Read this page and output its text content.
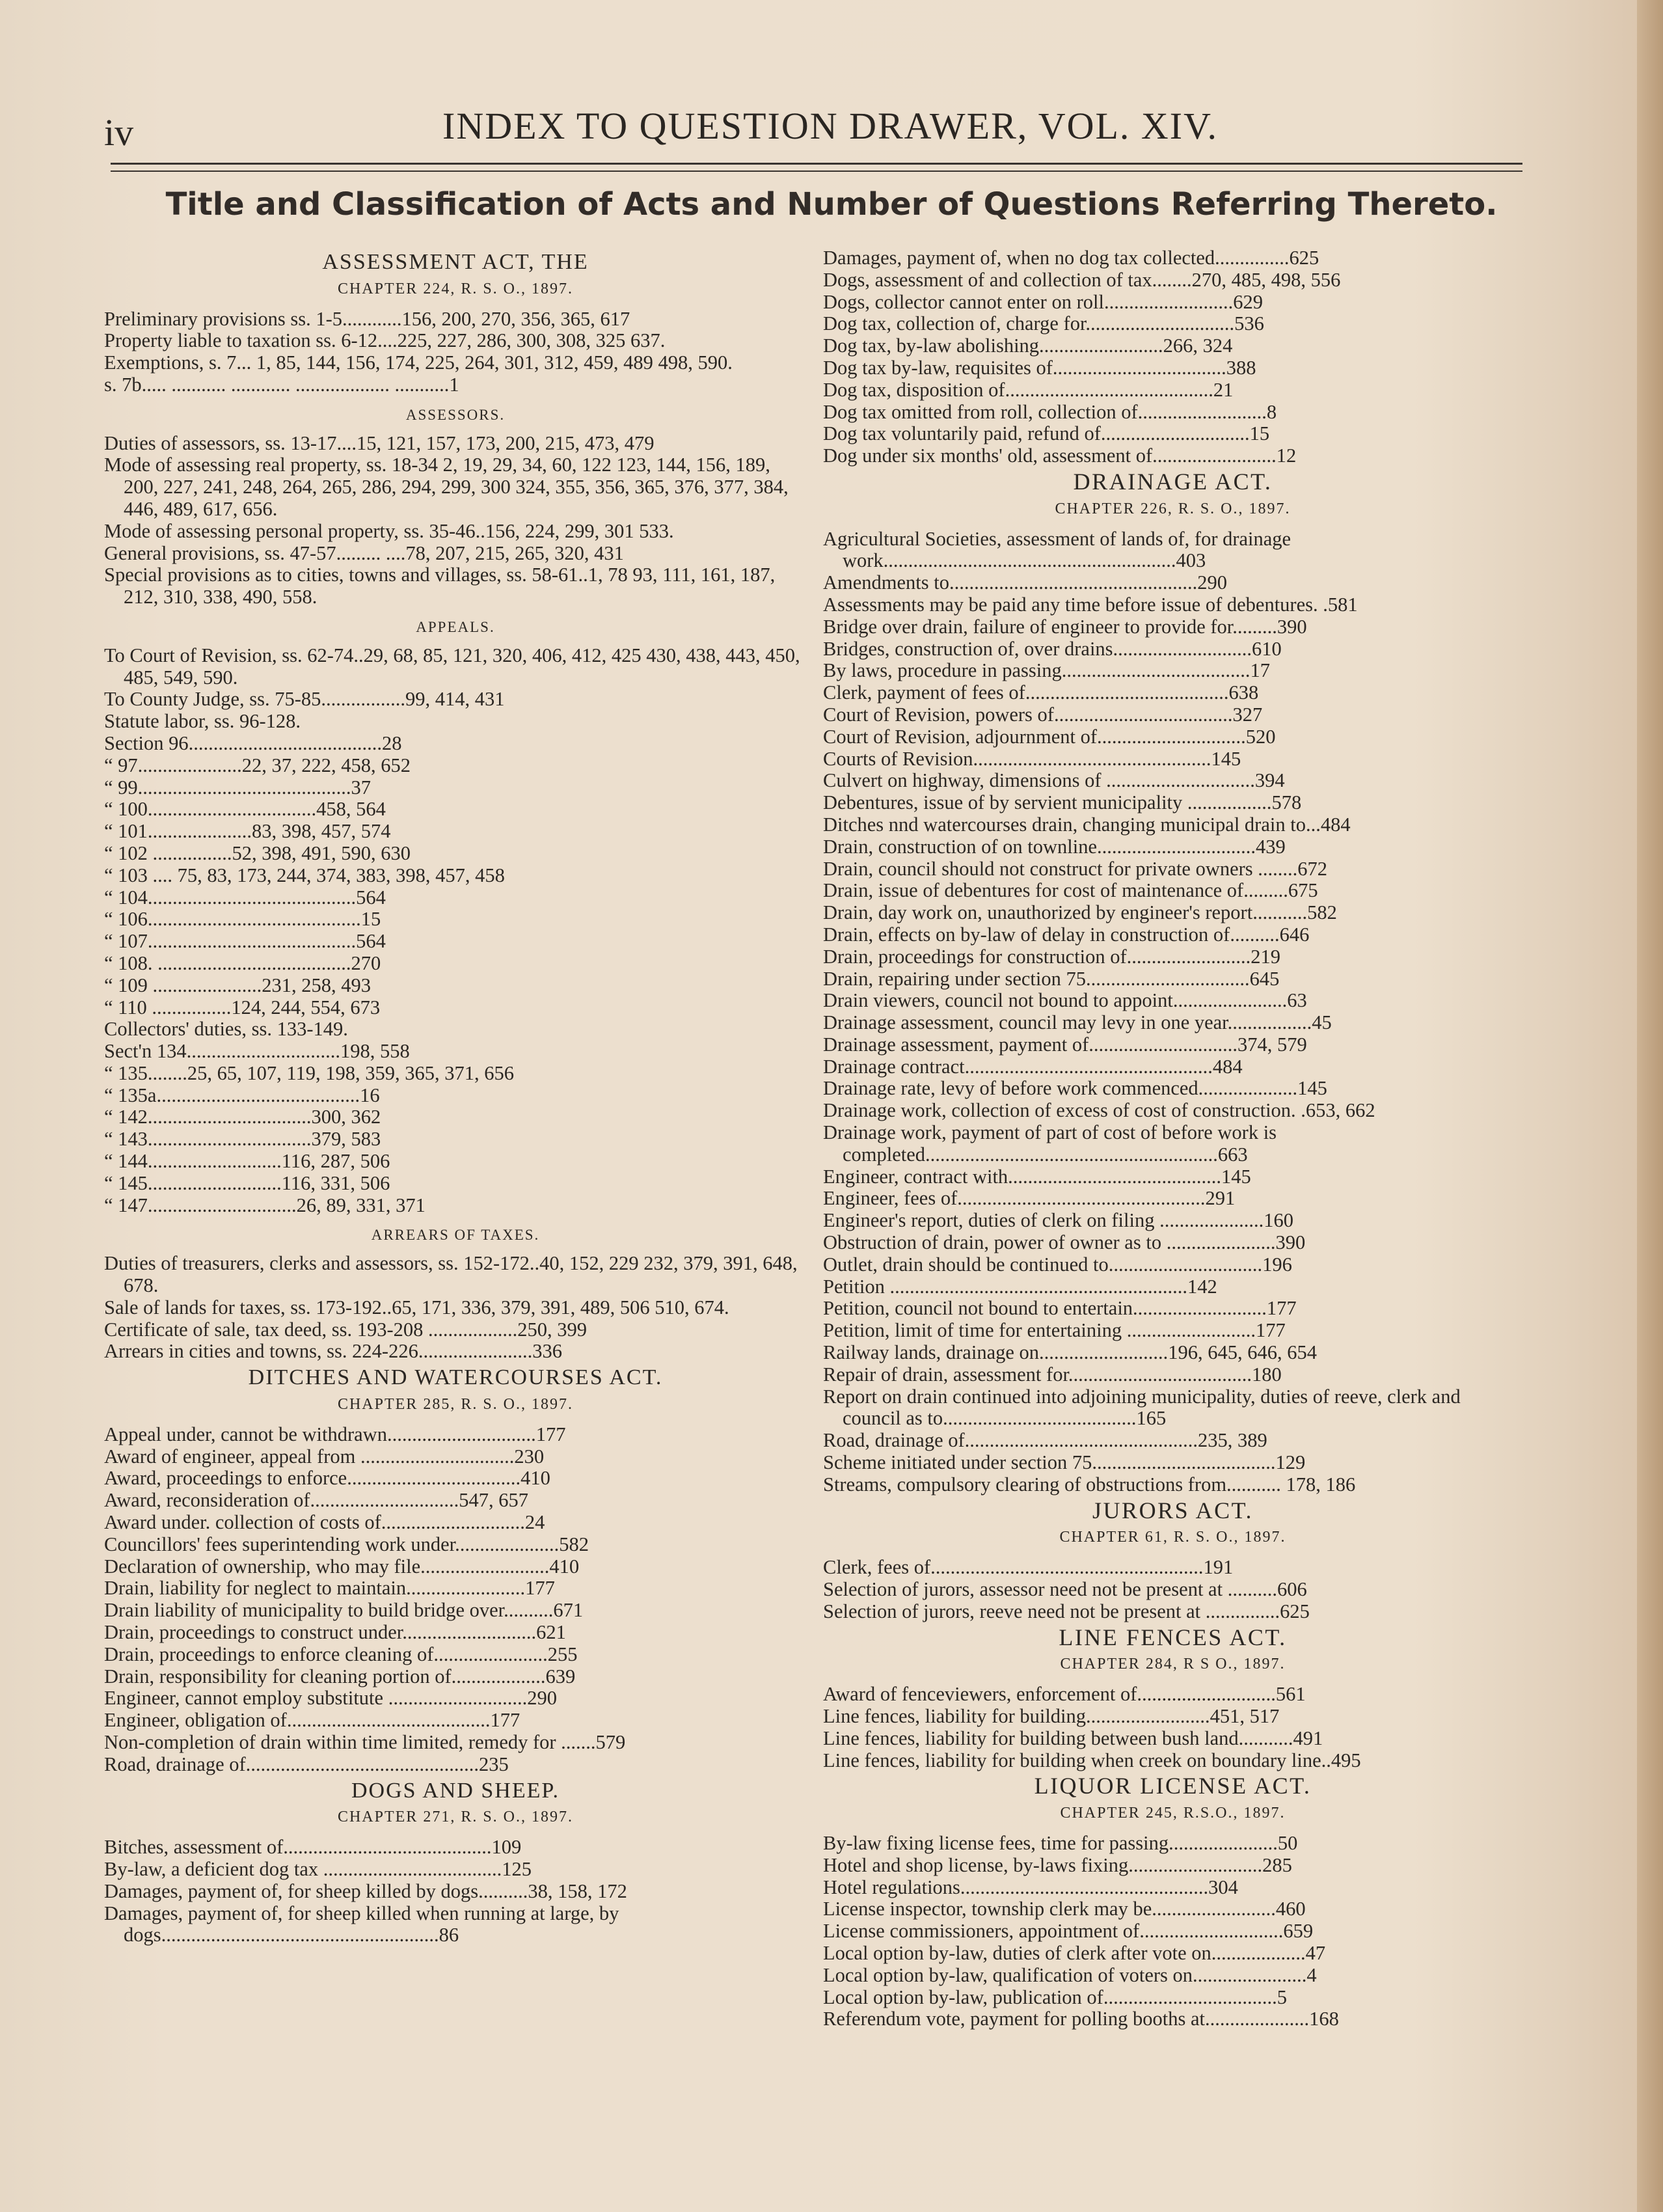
iv	INDEX TO QUESTION DRAWER, VOL. XIV.
Title and Classification of Acts and Number of Questions Referring Thereto.
ASSESSMENT ACT, THE
CHAPTER 224, R. S. O., 1897.
Preliminary provisions ss. 1-5............156, 200, 270, 356, 365, 617
Property liable to taxation ss. 6-12....225, 227, 286, 300, 308, 325 637.
Exemptions, s. 7... 1, 85, 144, 156, 174, 225, 264, 301, 312, 459, 489 498, 590.
s. 7b..... ........... ............ ................... ...........1
ASSESSORS.
Duties of assessors, ss. 13-17....15, 121, 157, 173, 200, 215, 473, 479
Mode of assessing real property, ss. 18-34 2, 19, 29, 34, 60, 122 123, 144, 156, 189, 200, 227, 241, 248, 264, 265, 286, 294, 299, 300 324, 355, 356, 365, 376, 377, 384, 446, 489, 617, 656.
Mode of assessing personal property, ss. 35-46..156, 224, 299, 301 533.
General provisions, ss. 47-57......... ....78, 207, 215, 265, 320, 431
Special provisions as to cities, towns and villages, ss. 58-61..1, 78 93, 111, 161, 187, 212, 310, 338, 490, 558.
APPEALS.
To Court of Revision, ss. 62-74..29, 68, 85, 121, 320, 406, 412, 425 430, 438, 443, 450, 485, 549, 590.
To County Judge, ss. 75-85.................99, 414, 431
Statute labor, ss. 96-128.
Section 96.......................................28
“ 97.....................22, 37, 222, 458, 652
“ 99...........................................37
“ 100..................................458, 564
“ 101.....................83, 398, 457, 574
“ 102 ................52, 398, 491, 590, 630
“ 103 .... 75, 83, 173, 244, 374, 383, 398, 457, 458
“ 104..........................................564
“ 106...........................................15
“ 107..........................................564
“ 108. .......................................270
“ 109 ......................231, 258, 493
“ 110 ................124, 244, 554, 673
Collectors' duties, ss. 133-149.
Sect'n 134...............................198, 558
“ 135........25, 65, 107, 119, 198, 359, 365, 371, 656
“ 135a.........................................16
“ 142.................................300, 362
“ 143.................................379, 583
“ 144...........................116, 287, 506
“ 145...........................116, 331, 506
“ 147..............................26, 89, 331, 371
ARREARS OF TAXES.
Duties of treasurers, clerks and assessors, ss. 152-172..40, 152, 229 232, 379, 391, 648, 678.
Sale of lands for taxes, ss. 173-192..65, 171, 336, 379, 391, 489, 506 510, 674.
Certificate of sale, tax deed, ss. 193-208 ..................250, 399
Arrears in cities and towns, ss. 224-226.......................336
DITCHES AND WATERCOURSES ACT.
CHAPTER 285, R. S. O., 1897.
Appeal under, cannot be withdrawn..............................177
Award of engineer, appeal from ...............................230
Award, proceedings to enforce...................................410
Award, reconsideration of..............................547, 657
Award under. collection of costs of.............................24
Councillors' fees superintending work under.....................582
Declaration of ownership, who may file..........................410
Drain, liability for neglect to maintain........................177
Drain liability of municipality to build bridge over..........671
Drain, proceedings to construct under...........................621
Drain, proceedings to enforce cleaning of.......................255
Drain, responsibility for cleaning portion of...................639
Engineer, cannot employ substitute ............................290
Engineer, obligation of.........................................177
Non-completion of drain within time limited, remedy for .......579
Road, drainage of...............................................235
DOGS AND SHEEP.
CHAPTER 271, R. S. O., 1897.
Bitches, assessment of..........................................109
By-law, a deficient dog tax ....................................125
Damages, payment of, for sheep killed by dogs..........38, 158, 172
Damages, payment of, for sheep killed when running at large, by dogs........................................................86
Damages, payment of, when no dog tax collected...............625
Dogs, assessment of and collection of tax........270, 485, 498, 556
Dogs, collector cannot enter on roll..........................629
Dog tax, collection of, charge for..............................536
Dog tax, by-law abolishing.........................266, 324
Dog tax by-law, requisites of...................................388
Dog tax, disposition of..........................................21
Dog tax omitted from roll, collection of..........................8
Dog tax voluntarily paid, refund of..............................15
Dog under six months' old, assessment of.........................12
DRAINAGE ACT.
CHAPTER 226, R. S. O., 1897.
Agricultural Societies, assessment of lands of, for drainage work...........................................................403
Amendments to..................................................290
Assessments may be paid any time before issue of debentures. .581
Bridge over drain, failure of engineer to provide for.........390
Bridges, construction of, over drains............................610
By laws, procedure in passing......................................17
Clerk, payment of fees of.........................................638
Court of Revision, powers of....................................327
Court of Revision, adjournment of..............................520
Courts of Revision................................................145
Culvert on highway, dimensions of ..............................394
Debentures, issue of by servient municipality .................578
Ditches nnd watercourses drain, changing municipal drain to...484
Drain, construction of on townline................................439
Drain, council should not construct for private owners ........672
Drain, issue of debentures for cost of maintenance of.........675
Drain, day work on, unauthorized by engineer's report...........582
Drain, effects on by-law of delay in construction of..........646
Drain, proceedings for construction of.........................219
Drain, repairing under section 75.................................645
Drain viewers, council not bound to appoint.......................63
Drainage assessment, council may levy in one year.................45
Drainage assessment, payment of..............................374, 579
Drainage contract..................................................484
Drainage rate, levy of before work commenced....................145
Drainage work, collection of excess of cost of construction. .653, 662
Drainage work, payment of part of cost of before work is completed...........................................................663
Engineer, contract with...........................................145
Engineer, fees of..................................................291
Engineer's report, duties of clerk on filing .....................160
Obstruction of drain, power of owner as to ......................390
Outlet, drain should be continued to...............................196
Petition ............................................................142
Petition, council not bound to entertain...........................177
Petition, limit of time for entertaining ..........................177
Railway lands, drainage on..........................196, 645, 646, 654
Repair of drain, assessment for.....................................180
Report on drain continued into adjoining municipality, duties of reeve, clerk and council as to.......................................165
Road, drainage of...............................................235, 389
Scheme initiated under section 75.....................................129
Streams, compulsory clearing of obstructions from........... 178, 186
JURORS ACT.
CHAPTER 61, R. S. O., 1897.
Clerk, fees of.......................................................191
Selection of jurors, assessor need not be present at ..........606
Selection of jurors, reeve need not be present at ...............625
LINE FENCES ACT.
CHAPTER 284, R S O., 1897.
Award of fenceviewers, enforcement of............................561
Line fences, liability for building.........................451, 517
Line fences, liability for building between bush land...........491
Line fences, liability for building when creek on boundary line..495
LIQUOR LICENSE ACT.
CHAPTER 245, R.S.O., 1897.
By-law fixing license fees, time for passing......................50
Hotel and shop license, by-laws fixing...........................285
Hotel regulations..................................................304
License inspector, township clerk may be.........................460
License commissioners, appointment of.............................659
Local option by-law, duties of clerk after vote on...................47
Local option by-law, qualification of voters on.......................4
Local option by-law, publication of...................................5
Referendum vote, payment for polling booths at.....................168
